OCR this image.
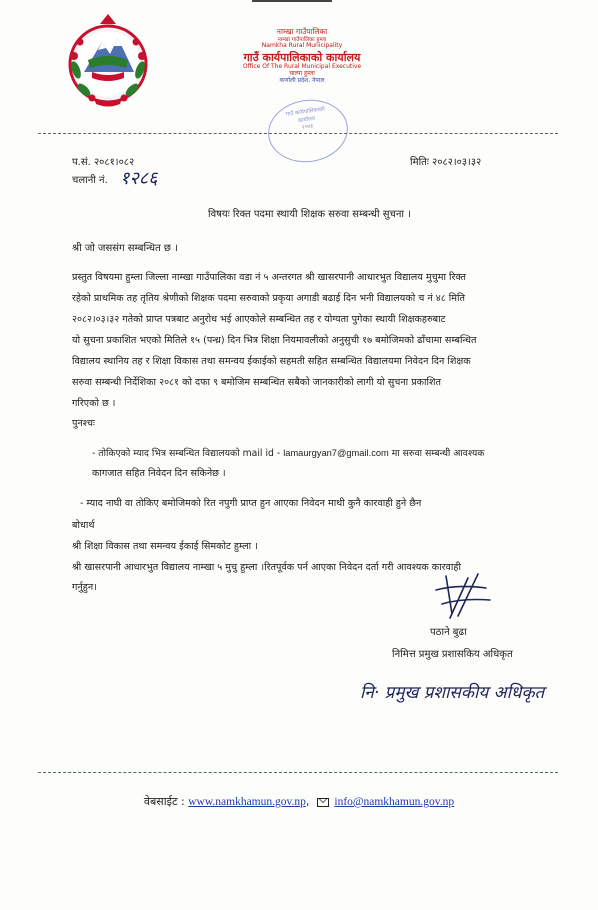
नाम्खा गाउँपालिका
नाम्खा गाउँपालिका हुम्ला
Namkha Rural Municipality
गाउँ कार्यपालिकाको कार्यालय
Office Of The Rural Municipal Executive
चाल्पा हुम्ला
कर्णाली प्रदेश, नेपाल
गाउँ कार्यपालिकाको
कार्यालय
२०७३
प.सं. २०८१।०८२	मितिः २०८२।०३।३२
चलानी नं. १२८६
विषयः रिक्त पदमा स्थायी शिक्षक सरुवा सम्बन्धी सुचना ।
श्री जो जससंग सम्बन्धित छ ।
प्रस्तुत विषयमा हुम्ला जिल्ला नाम्खा गाउँपालिका वडा नं ५ अन्तरगत श्री खासरपानी आधारभुत विद्यालय मुचुमा रिक्त
रहेको प्राथमिक तह तृतिय श्रेणीको शिक्षक पदमा सरुवाको प्रकृया अगाडी बढाई दिन भनी विद्यालयको च नं ४८ मिति
२०८२।०३।३२ गतेको प्राप्त पत्रबाट अनुरोध भई आएकोले सम्बन्धित तह र योग्यता पुगेका स्थायी शिक्षकहरुबाट
यो सुचना प्रकाशित भएको मितिले १५ (पन्ध्र) दिन भित्र शिक्षा नियमावलीको अनुसुची १७ बमोजिमको ढाँचामा सम्बन्धित
विद्यालय स्थानिय तह र शिक्षा विकास तथा समन्वय ईकाईको सहमती सहित सम्बन्धित विद्यालयमा निवेदन दिन शिक्षक
सरुवा सम्बन्धी निर्देशिका २०८१ को दफा ९ बमोजिम सम्बन्धित सबैको जानकारीको लागी यो सुचना प्रकाशित
गरिएको छ ।
पुनश्चः
- तोकिएको म्याद भित्र सम्बन्धित विद्यालयको mail id - lamaurgyan7@gmail.com मा सरुवा सम्बन्धी आवश्यक
कागजात सहित निवेदन दिन सकिनेछ ।
- म्याद नाघी वा तोकिए बमोजिमको रित नपुगी प्राप्त हुन आएका निवेदन माथी कुनै कारवाही हुने छैन
बोधार्थ
श्री शिक्षा विकास तथा समन्वय ईकाई सिमकोट हुम्ला ।
श्री खासरपानी आधारभुत विद्यालय नाम्खा ५ मुचु हुम्ला ।रितपूर्वक पर्न आएका निवेदन दर्ता गरी आवश्यक कारवाही
गर्नुहुन।
पठाने बुढा
निमित्त प्रमुख प्रशासकिय अधिकृत
नि· प्रमुख प्रशासकीय अधिकृत
वेबसाईट : www.namkhamun.gov.np, info@namkhamun.gov.np
